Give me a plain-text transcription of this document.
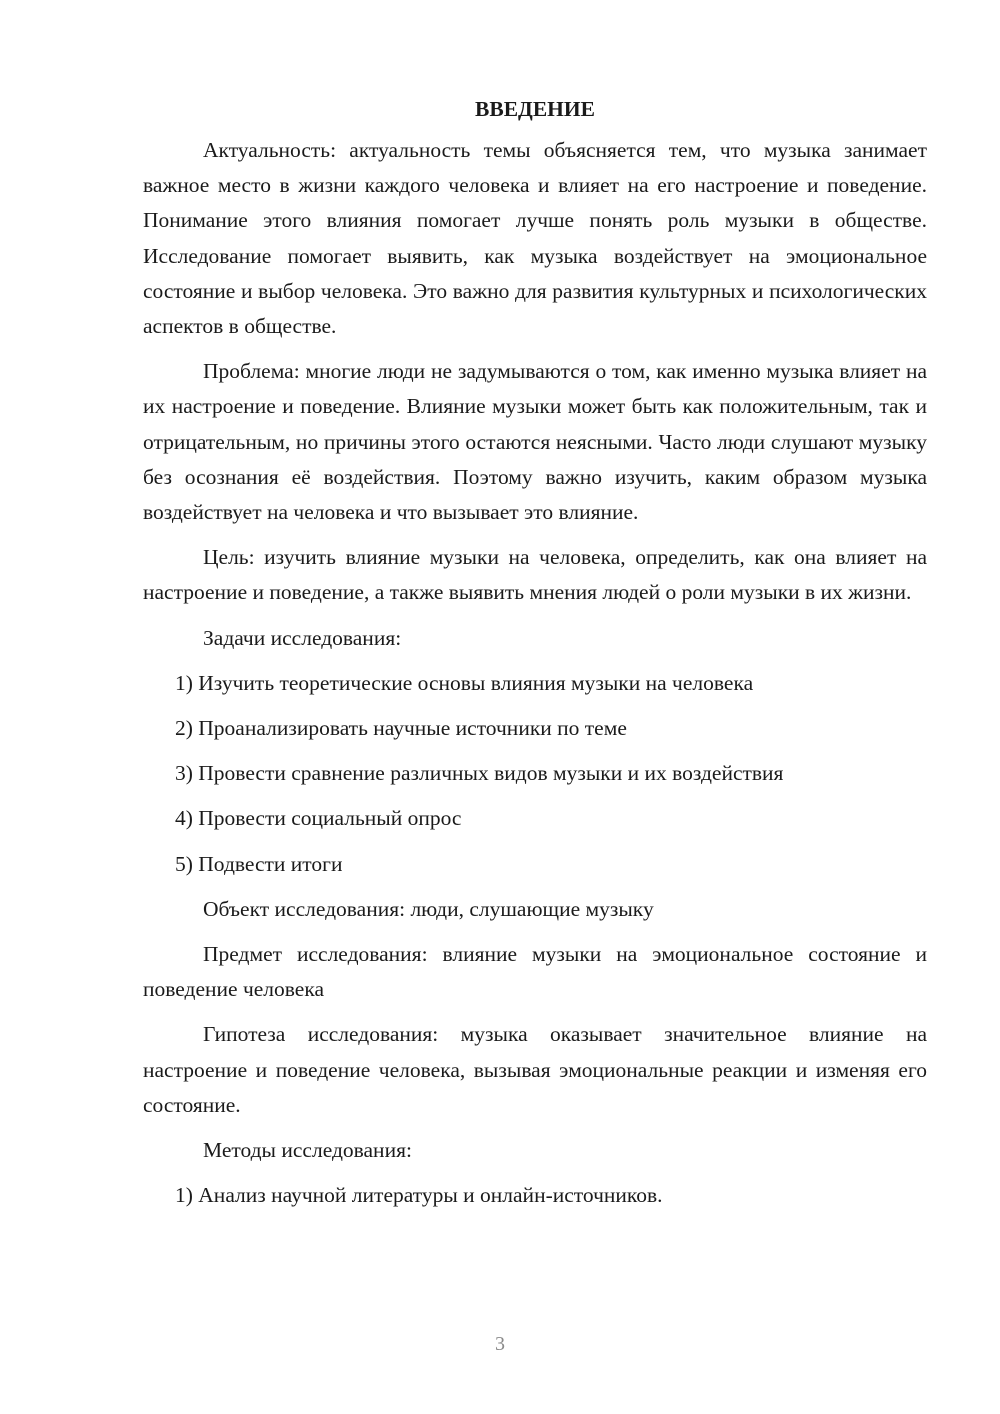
ВВЕДЕНИЕ

Актуальность: актуальность темы объясняется тем, что музыка занимает важное место в жизни каждого человека и влияет на его настроение и поведение. Понимание этого влияния помогает лучше понять роль музыки в обществе. Исследование помогает выявить, как музыка воздействует на эмоциональное состояние и выбор человека. Это важно для развития культурных и психологических аспектов в обществе.

Проблема: многие люди не задумываются о том, как именно музыка влияет на их настроение и поведение. Влияние музыки может быть как положительным, так и отрицательным, но причины этого остаются неясными. Часто люди слушают музыку без осознания её воздействия. Поэтому важно изучить, каким образом музыка воздействует на человека и что вызывает это влияние.

Цель: изучить влияние музыки на человека, определить, как она влияет на настроение и поведение, а также выявить мнения людей о роли музыки в их жизни.

Задачи исследования:

1) Изучить теоретические основы влияния музыки на человека

2) Проанализировать научные источники по теме

3) Провести сравнение различных видов музыки и их воздействия

4) Провести социальный опрос

5) Подвести итоги

Объект исследования: люди, слушающие музыку

Предмет исследования: влияние музыки на эмоциональное состояние и поведение человека

Гипотеза исследования: музыка оказывает значительное влияние на настроение и поведение человека, вызывая эмоциональные реакции и изменяя его состояние.

Методы исследования:

1) Анализ научной литературы и онлайн-источников.

3
